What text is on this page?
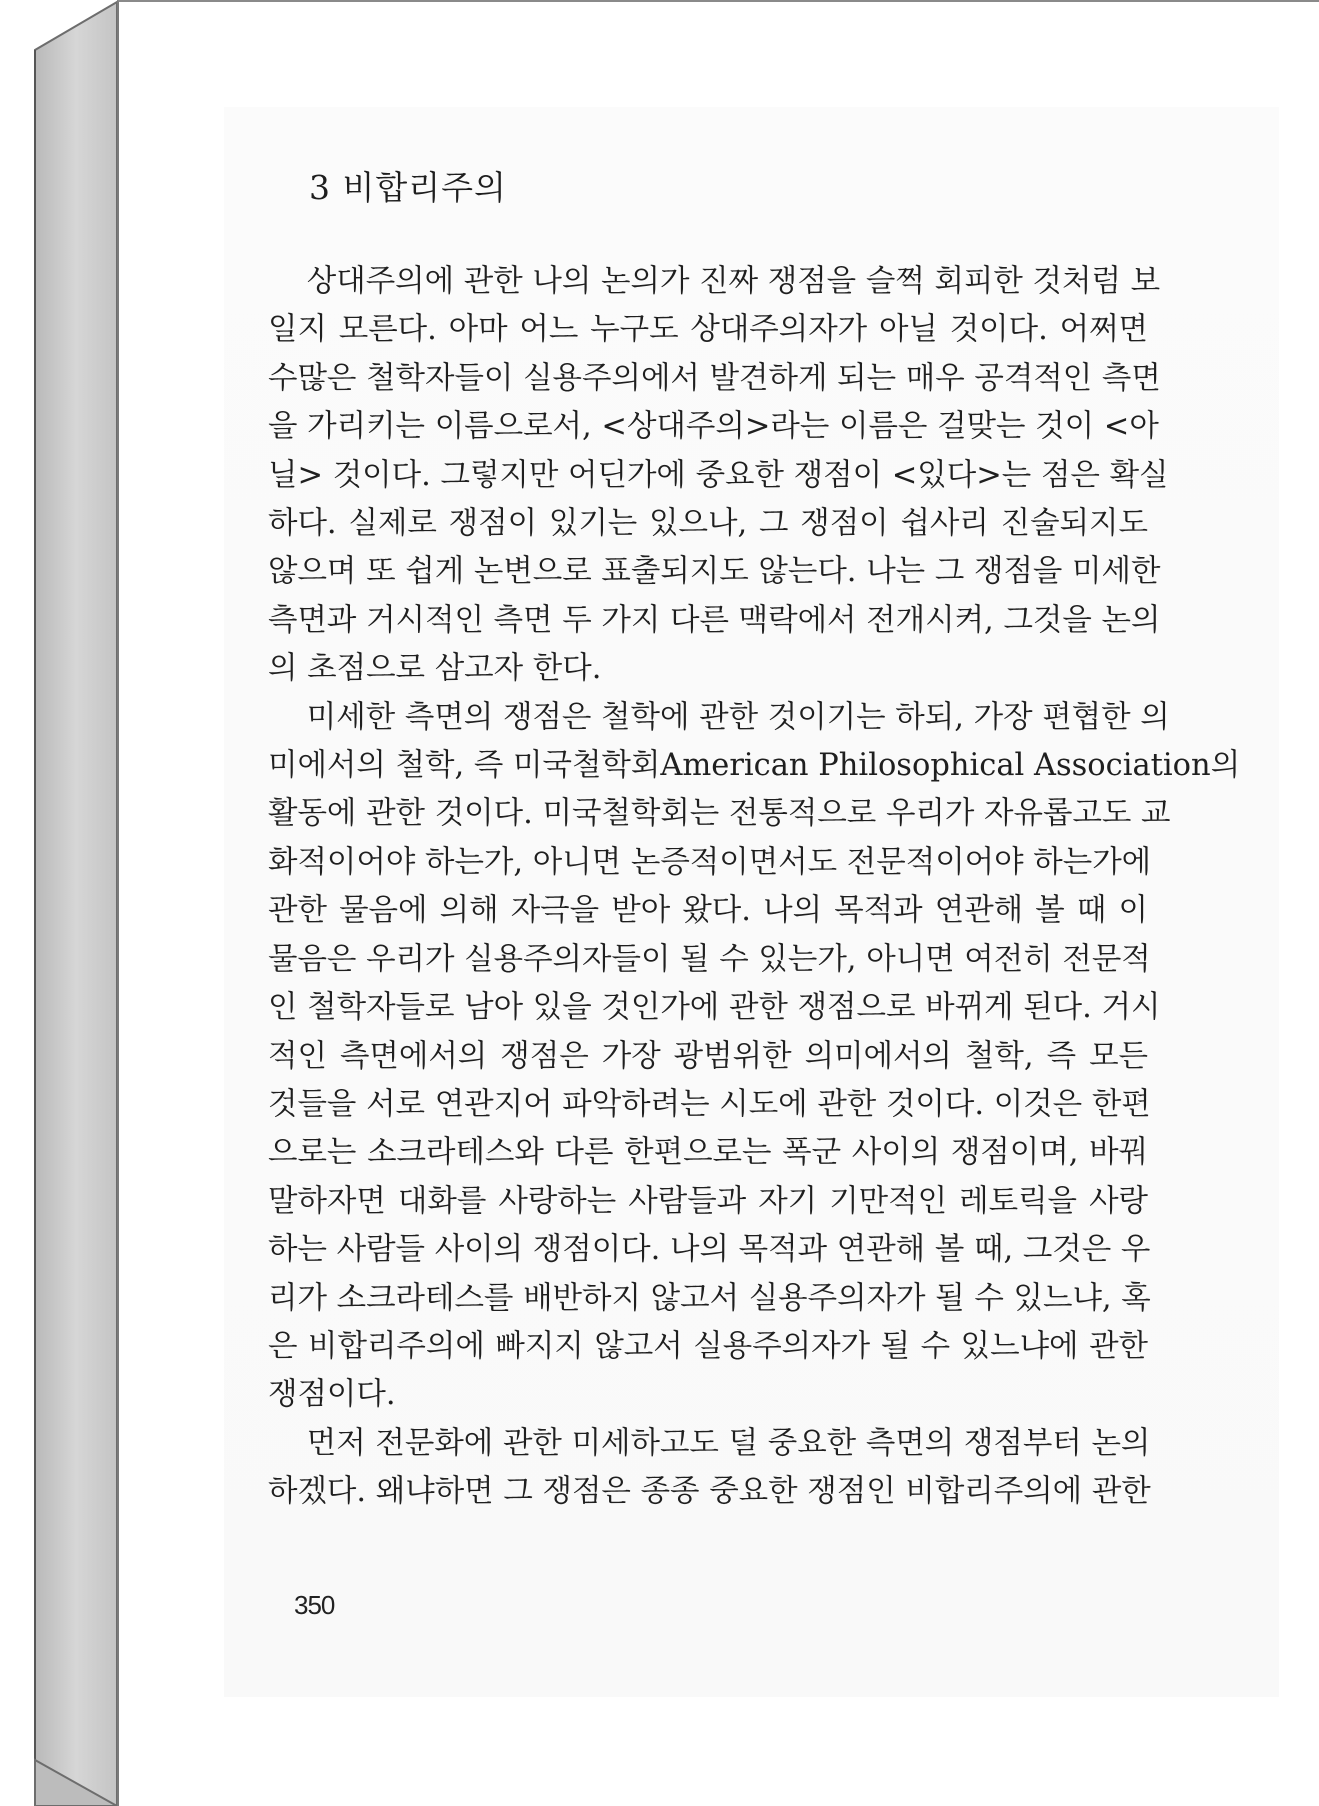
3 비합리주의
상대주의에 관한 나의 논의가 진짜 쟁점을 슬쩍 회피한 것처럼 보
일지 모른다. 아마 어느 누구도 상대주의자가 아닐 것이다. 어쩌면
수많은 철학자들이 실용주의에서 발견하게 되는 매우 공격적인 측면
을 가리키는 이름으로서, <상대주의>라는 이름은 걸맞는 것이 <아
닐> 것이다. 그렇지만 어딘가에 중요한 쟁점이 <있다>는 점은 확실
하다. 실제로 쟁점이 있기는 있으나, 그 쟁점이 쉽사리 진술되지도
않으며 또 쉽게 논변으로 표출되지도 않는다. 나는 그 쟁점을 미세한
측면과 거시적인 측면 두 가지 다른 맥락에서 전개시켜, 그것을 논의
의 초점으로 삼고자 한다.
미세한 측면의 쟁점은 철학에 관한 것이기는 하되, 가장 편협한 의
미에서의 철학, 즉 미국철학회American Philosophical Association의
활동에 관한 것이다. 미국철학회는 전통적으로 우리가 자유롭고도 교
화적이어야 하는가, 아니면 논증적이면서도 전문적이어야 하는가에
관한 물음에 의해 자극을 받아 왔다. 나의 목적과 연관해 볼 때 이
물음은 우리가 실용주의자들이 될 수 있는가, 아니면 여전히 전문적
인 철학자들로 남아 있을 것인가에 관한 쟁점으로 바뀌게 된다. 거시
적인 측면에서의 쟁점은 가장 광범위한 의미에서의 철학, 즉 모든
것들을 서로 연관지어 파악하려는 시도에 관한 것이다. 이것은 한편
으로는 소크라테스와 다른 한편으로는 폭군 사이의 쟁점이며, 바꿔
말하자면 대화를 사랑하는 사람들과 자기 기만적인 레토릭을 사랑
하는 사람들 사이의 쟁점이다. 나의 목적과 연관해 볼 때, 그것은 우
리가 소크라테스를 배반하지 않고서 실용주의자가 될 수 있느냐, 혹
은 비합리주의에 빠지지 않고서 실용주의자가 될 수 있느냐에 관한
쟁점이다.
먼저 전문화에 관한 미세하고도 덜 중요한 측면의 쟁점부터 논의
하겠다. 왜냐하면 그 쟁점은 종종 중요한 쟁점인 비합리주의에 관한
350
